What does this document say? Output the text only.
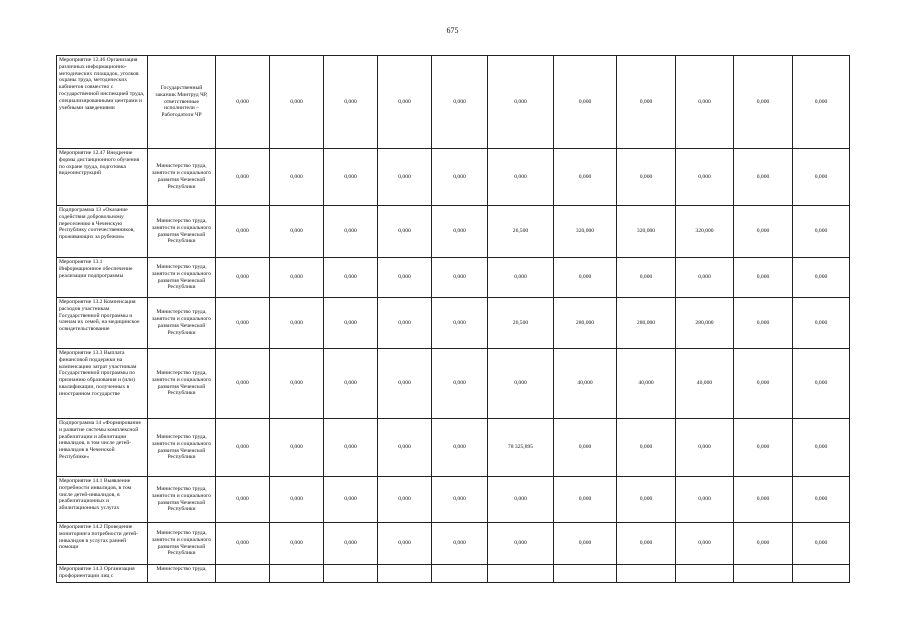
675
Мероприятие 12.46 Организация различных информационно-методических площадок, уголков охраны труда, методических кабинетов совместно с государственной инспекцией труда, специализированными центрами и учебными заведениями	Государственный заказчик Минтруд ЧР, ответственные исполнители – Работодатели ЧР	0,000	0,000	0,000	0,000	0,000	0,000	0,000	0,000	0,000	0,000	0,000
Мероприятие 12.47 Внедрение формы дистанционного обучения по охране труда, подготовка видеоинструкций	Министерство труда, занятости и социального развития Чеченской Республики	0,000	0,000	0,000	0,000	0,000	0,000	0,000	0,000	0,000	0,000	0,000
Подпрограмма 13 «Оказание содействия добровольному переселению в Чеченскую Республику соотечественников, проживающих за рубежом»	Министерство труда, занятости и социального развития Чеченской Республики	0,000	0,000	0,000	0,000	0,000	26,500	320,000	320,000	320,000	0,000	0,000
Мероприятие 13.1 Информационное обеспечение реализации подпрограммы	Министерство труда, занятости и социального развития Чеченской Республики	0,000	0,000	0,000	0,000	0,000	0,000	0,000	0,000	0,000	0,000	0,000
Мероприятие 13.2 Компенсация расходов участникам Государственной программы и членам их семей, на медицинское освидетельствование	Министерство труда, занятости и социального развития Чеченской Республики	0,000	0,000	0,000	0,000	0,000	26,500	280,000	280,000	280,000	0,000	0,000
Мероприятие 13.3 Выплата финансовой поддержки на компенсацию затрат участникам Государственной программы по признанию образования и (или) квалификации, полученных в иностранном государстве	Министерство труда, занятости и социального развития Чеченской Республики	0,000	0,000	0,000	0,000	0,000	0,000	40,000	40,000	40,000	0,000	0,000
Подпрограмма 14 «Формирование и развитие системы комплексной реабилитации и абилитации инвалидов, в том числе детей-инвалидов в Чеченской Республике»	Министерство труда, занятости и социального развития Чеченской Республики	0,000	0,000	0,000	0,000	0,000	78 325,895	0,000	0,000	0,000	0,000	0,000
Мероприятие 14.1 Выявление потребности инвалидов, в том числе детей-инвалидов, в реабилитационных и абилитационных услугах	Министерство труда, занятости и социального развития Чеченской Республики	0,000	0,000	0,000	0,000	0,000	0,000	0,000	0,000	0,000	0,000	0,000
Мероприятие 14.2 Проведение мониторинга потребности детей-инвалидов в услугах ранней помощи	Министерство труда, занятости и социального развития Чеченской Республики	0,000	0,000	0,000	0,000	0,000	0,000	0,000	0,000	0,000	0,000	0,000
Мероприятие 14.3 Организация профориентации лиц с	Министерство труда,											
